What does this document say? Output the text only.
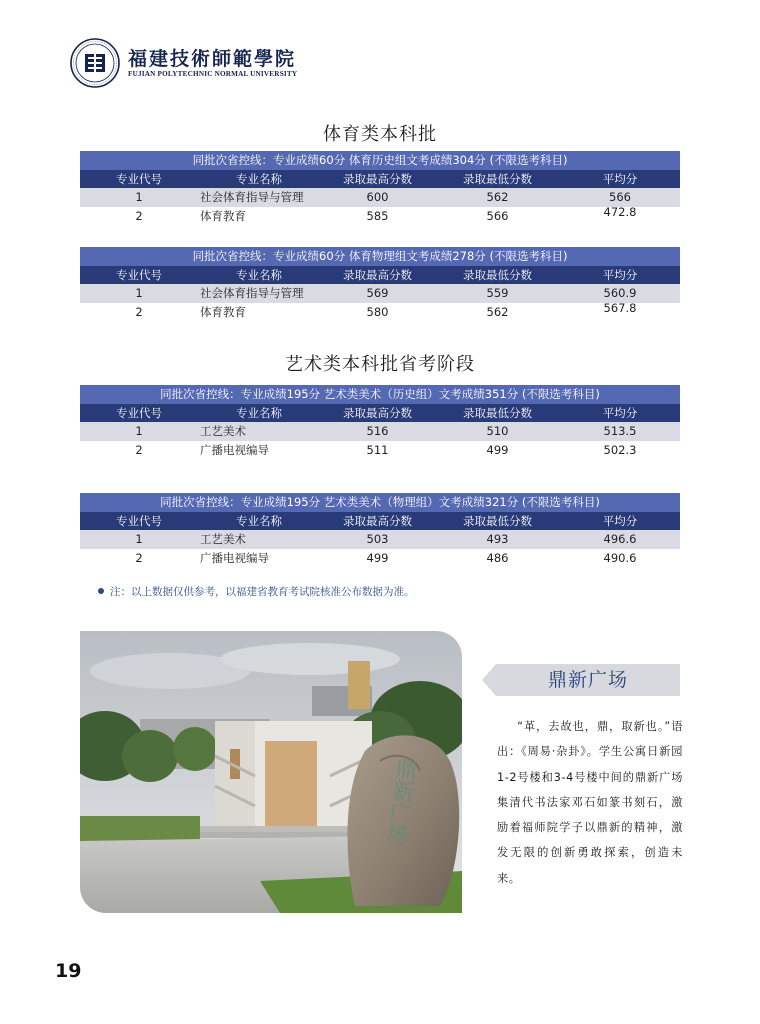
福建技術師範學院
FUJIAN POLYTECHNIC NORMAL UNIVERSITY
体育类本科批
同批次省控线：专业成绩60分 体育历史组文考成绩304分 (不限选考科目)
专业代号	专业名称	录取最高分数	录取最低分数	平均分
1	社会体育指导与管理	600	562	566
2	体育教育	585	566	472.8
同批次省控线：专业成绩60分 体育物理组文考成绩278分 (不限选考科目)
专业代号	专业名称	录取最高分数	录取最低分数	平均分
1	社会体育指导与管理	569	559	560.9
2	体育教育	580	562	567.8
艺术类本科批省考阶段
同批次省控线：专业成绩195分 艺术类美术（历史组）文考成绩351分 (不限选考科目)
专业代号	专业名称	录取最高分数	录取最低分数	平均分
1	工艺美术	516	510	513.5
2	广播电视编导	511	499	502.3
同批次省控线：专业成绩195分 艺术类美术（物理组）文考成绩321分 (不限选考科目)
专业代号	专业名称	录取最高分数	录取最低分数	平均分
1	工艺美术	503	493	496.6
2	广播电视编导	499	486	490.6
注：以上数据仅供参考，以福建省教育考试院核准公布数据为准。
鼎新广场
鼎新广场

“革，去故也，鼎，取新也。”语出：《周易·杂卦》。学生公寓日新园1-2号楼和3-4号楼中间的鼎新广场集清代书法家邓石如篆书刻石，激励着福师院学子以鼎新的精神，激发无限的创新勇敢探索，创造未来。

19
